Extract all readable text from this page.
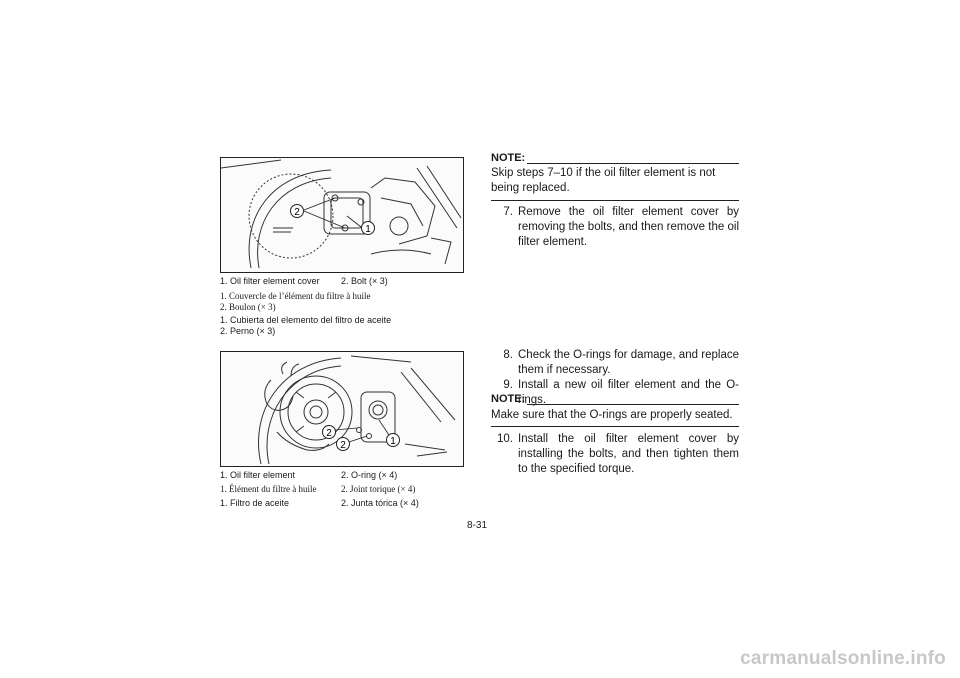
2
1
1. Oil filter element cover 2. Bolt (× 3)
1. Couvercle de l’élément du filtre à huile
2. Boulon (× 3)
1. Cubierta del elemento del filtro de aceite
2. Perno (× 3)
2
2	1
1. Oil filter element	2. O-ring (× 4)
1. Élément du filtre à huile	2. Joint torique (× 4)
1. Filtro de aceite	2. Junta tórica (× 4)
NOTE:
Skip steps 7–10 if the oil filter element is not being replaced.
7. Remove the oil filter element cover by removing the bolts, and then remove the oil filter element.
8. Check the O-rings for damage, and replace them if necessary.
9. Install a new oil filter element and the O-rings.
NOTE:
Make sure that the O-rings are properly seated.
10. Install the oil filter element cover by installing the bolts, and then tighten them to the specified torque.
8-31
carmanualsonline.info
